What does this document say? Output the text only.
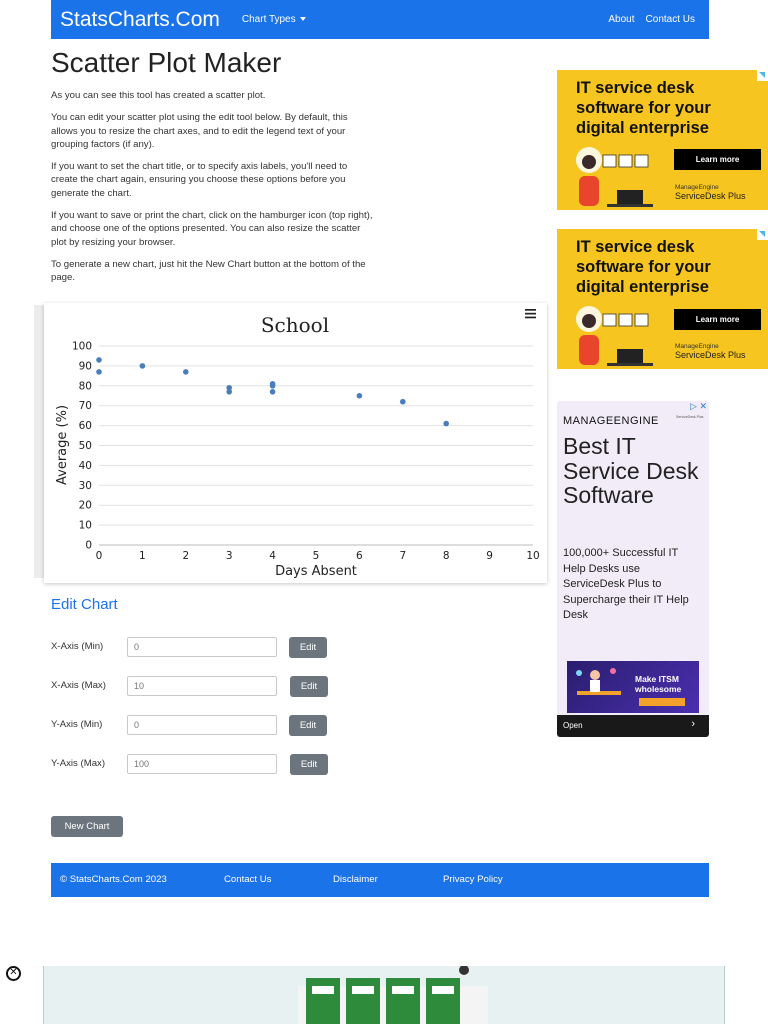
StatsCharts.Com Chart Types	About Contact Us
Scatter Plot Maker

As you can see this tool has created a scatter plot.

You can edit your scatter plot using the edit tool below. By default, this allows you to resize the chart axes, and to edit the legend text of your grouping factors (if any).

If you want to set the chart title, or to specify axis labels, you'll need to create the chart again, ensuring you choose these options before you generate the chart.

If you want to save or print the chart, click on the hamburger icon (top right), and choose one of the options presented. You can also resize the scatter plot by resizing your browser.

To generate a new chart, just hit the New Chart button at the bottom of the page.

School
0
10
20
30
40
50
60
70
80
90
100
0	1	2	3	4	5	6	7	8	9	10
Days Absent
Average (%)
Edit Chart
X-Axis (Min)
0	Edit
X-Axis (Max)
10	Edit
Y-Axis (Min)
0	Edit
Y-Axis (Max)
100	Edit
New Chart
© StatsCharts.Com 2023	Contact Us	Disclaimer	Privacy Policy
IT service desk software for your digital enterprise
Learn more
ManageEngine
ServiceDesk Plus
IT service desk software for your digital enterprise
Learn more
ManageEngine
ServiceDesk Plus
▷ ✕
MANAGEENGINE	ServiceDesk Plus
Best IT Service Desk Software
100,000+ Successful IT Help Desks use ServiceDesk Plus to Supercharge their IT Help Desk
Make ITSM wholesome
Open	›
✕
